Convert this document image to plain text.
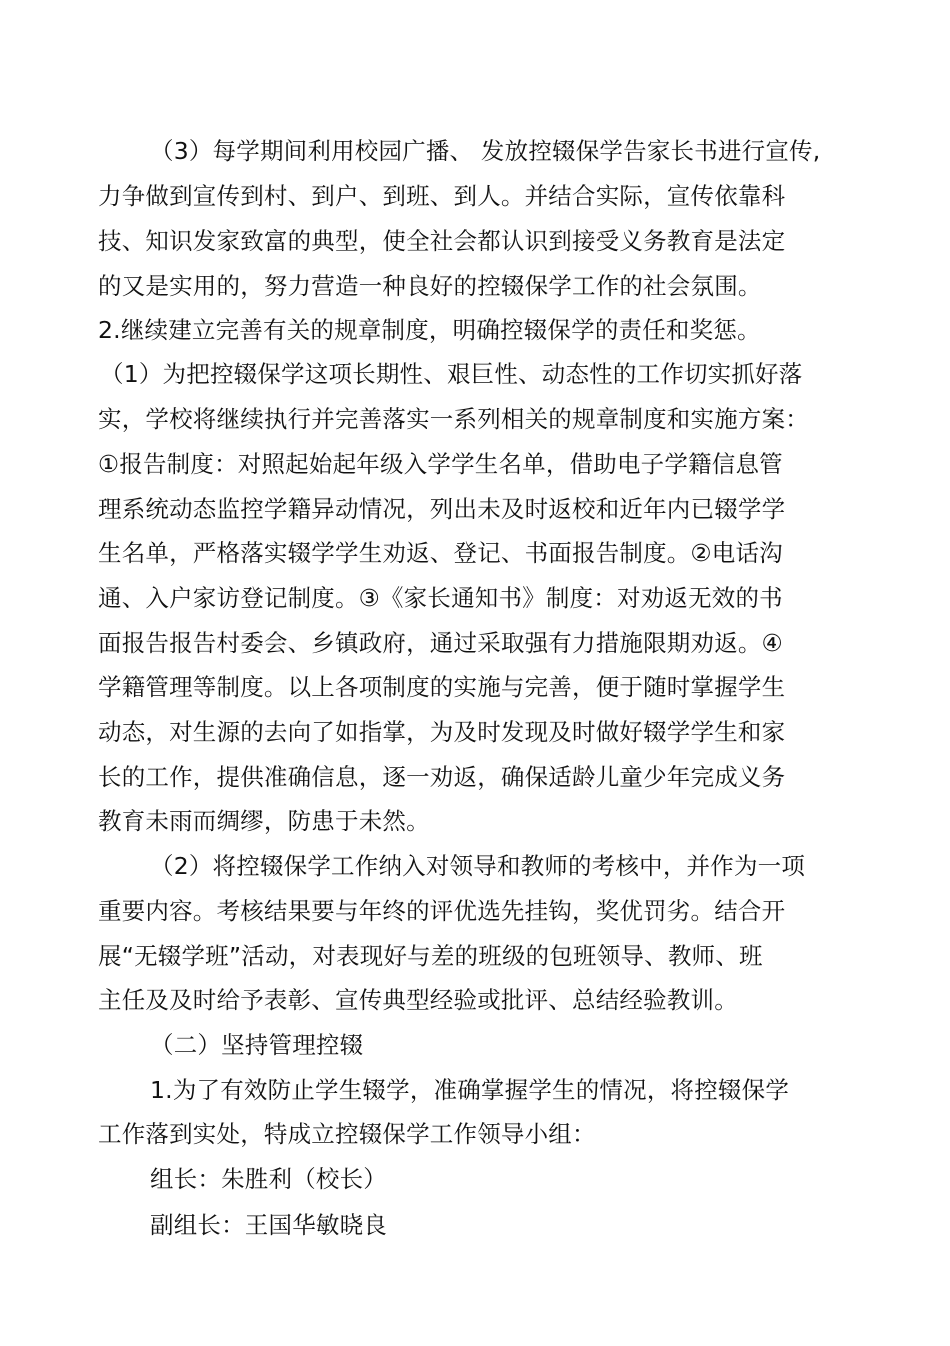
（3）每学期间利用校园广播、 发放控辍保学告家长书进行宣传,
力争做到宣传到村、到户、到班、到人。并结合实际，宣传依靠科
技、知识发家致富的典型，使全社会都认识到接受义务教育是法定
的又是实用的，努力营造一种良好的控辍保学工作的社会氛围。
2.继续建立完善有关的规章制度，明确控辍保学的责任和奖惩。
（1）为把控辍保学这项长期性、艰巨性、动态性的工作切实抓好落
实，学校将继续执行并完善落实一系列相关的规章制度和实施方案：
①报告制度：对照起始起年级入学学生名单，借助电子学籍信息管
理系统动态监控学籍异动情况，列出未及时返校和近年内已辍学学
生名单，严格落实辍学学生劝返、登记、书面报告制度。②电话沟
通、入户家访登记制度。③《家长通知书》制度：对劝返无效的书
面报告报告村委会、乡镇政府，通过采取强有力措施限期劝返。④
学籍管理等制度。以上各项制度的实施与完善，便于随时掌握学生
动态，对生源的去向了如指掌，为及时发现及时做好辍学学生和家
长的工作，提供准确信息，逐一劝返，确保适龄儿童少年完成义务
教育未雨而绸缪，防患于未然。
（2）将控辍保学工作纳入对领导和教师的考核中，并作为一项
重要内容。考核结果要与年终的评优选先挂钩，奖优罚劣。结合开
展“无辍学班”活动，对表现好与差的班级的包班领导、教师、班
主任及及时给予表彰、宣传典型经验或批评、总结经验教训。
（二）坚持管理控辍
1.为了有效防止学生辍学，准确掌握学生的情况，将控辍保学
工作落到实处，特成立控辍保学工作领导小组：
组长：朱胜利（校长）
副组长：王国华敏晓良
